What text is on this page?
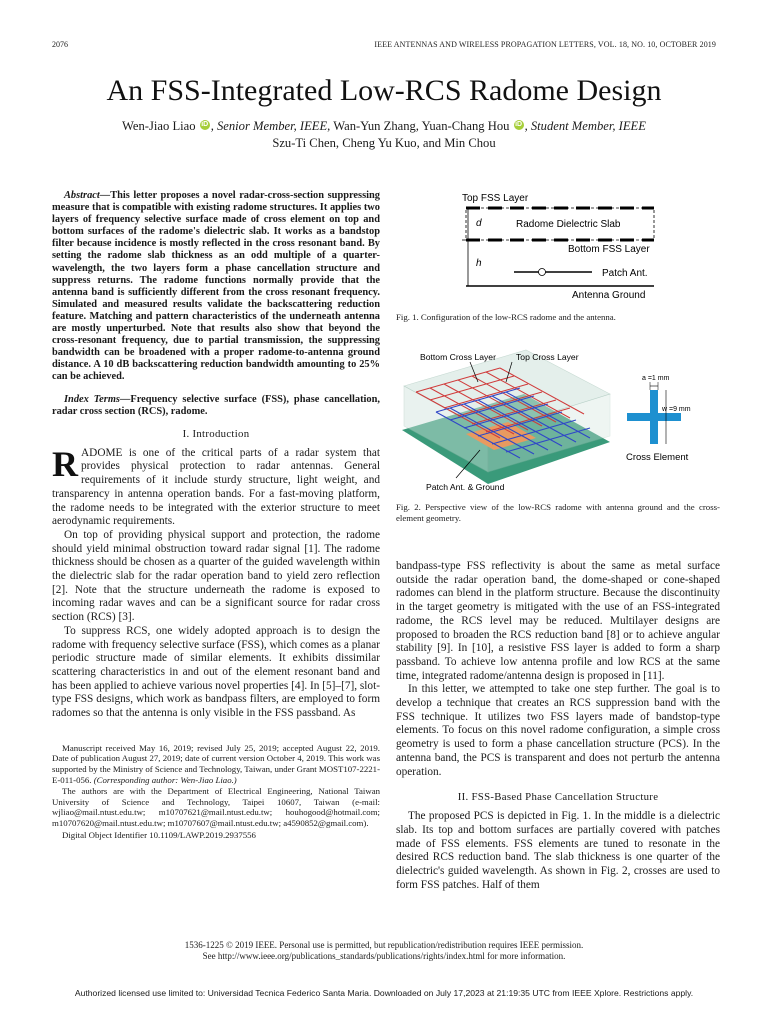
2076	IEEE ANTENNAS AND WIRELESS PROPAGATION LETTERS, VOL. 18, NO. 10, OCTOBER 2019
An FSS-Integrated Low-RCS Radome Design
Wen-Jiao Liao iD , Senior Member, IEEE, Wan-Yun Zhang, Yuan-Chang Hou iD , Student Member, IEEE
Szu-Ti Chen, Cheng Yu Kuo, and Min Chou

Abstract—This letter proposes a novel radar-cross-section suppressing measure that is compatible with existing radome structures. It applies two layers of frequency selective surface made of cross element on top and bottom surfaces of the radome's dielectric slab. It works as a bandstop filter because incidence is mostly reflected in the cross resonant band. By setting the radome slab thickness as an odd multiple of a quarter-wavelength, the two layers form a phase cancellation structure and suppress returns. The radome functions normally provide that the antenna band is sufficiently different from the cross resonant frequency. Simulated and measured results validate the backscattering reduction feature. Matching and pattern characteristics of the underneath antenna are mostly unperturbed. Note that results also show that beyond the cross-resonant frequency, due to partial transmission, the suppressing bandwidth can be broadened with a proper radome-to-antenna ground distance. A 10 dB backscattering reduction bandwidth amounting to 25% can be achieved.

Index Terms—Frequency selective surface (FSS), phase cancellation, radar cross section (RCS), radome.

I. Introduction

RADOME is one of the critical parts of a radar system that provides physical protection to radar antennas. General requirements of it include sturdy structure, light weight, and transparency in antenna operation bands. For a fast-moving platform, the radome needs to be integrated with the exterior structure to meet aerodynamic requirements.

On top of providing physical support and protection, the radome should yield minimal obstruction toward radar signal [1]. The radome thickness should be chosen as a quarter of the guided wavelength within the dielectric slab for the radar operation band to yield zero reflection [2]. Note that the structure underneath the radome is exposed to incoming radar waves and can be a significant source for radar cross section (RCS) [3].

To suppress RCS, one widely adopted approach is to design the radome with frequency selective surface (FSS), which comes as a planar periodic structure made of similar elements. It exhibits dissimilar scattering characteristics in and out of the element resonant band and has been applied to achieve various novel properties [4]. In [5]–[7], slot-type FSS designs, which work as bandpass filters, are employed to form radomes so that the antenna is only visible in the FSS passband. As

Manuscript received May 16, 2019; revised July 25, 2019; accepted August 22, 2019. Date of publication August 27, 2019; date of current version October 4, 2019. This work was supported by the Ministry of Science and Technology, Taiwan, under Grant MOST107-2221-E-011-056. (Corresponding author: Wen-Jiao Liao.)

The authors are with the Department of Electrical Engineering, National Taiwan University of Science and Technology, Taipei 10607, Taiwan (e-mail: wjliao@mail.ntust.edu.tw; m10707621@mail.ntust.edu.tw; houhogood@hotmail.com; m10707620@mail.ntust.edu.tw; m10707607@mail.ntust.edu.tw; a4590852@gmail.com).

Digital Object Identifier 10.1109/LAWP.2019.2937556

Top FSS Layer
d	Radome Dielectric Slab
Bottom FSS Layer
h
Patch Ant.
Antenna Ground
Fig. 1. Configuration of the low-RCS radome and the antenna.
Bottom Cross Layer Top Cross Layer
Patch Ant. & Ground
a =1 mm
w =9 mm
Cross Element
Fig. 2. Perspective view of the low-RCS radome with antenna ground and the cross-element geometry.

bandpass-type FSS reflectivity is about the same as metal surface outside the radar operation band, the dome-shaped or cone-shaped radomes can blend in the platform structure. Because the discontinuity in the target geometry is mitigated with the use of an FSS-integrated radome, the RCS level may be reduced. Multilayer designs are proposed to broaden the RCS reduction band [8] or to achieve angular stability [9]. In [10], a resistive FSS layer is added to form a sharp passband. To achieve low antenna profile and low RCS at the same time, integrated radome/antenna design is proposed in [11].

In this letter, we attempted to take one step further. The goal is to develop a technique that creates an RCS suppression band with the FSS technique. It utilizes two FSS layers made of bandstop-type elements. To focus on this novel radome configuration, a simple cross geometry is used to form a phase cancellation structure (PCS). In the antenna band, the PCS is transparent and does not perturb the antenna operation.

II. FSS-Based Phase Cancellation Structure

The proposed PCS is depicted in Fig. 1. In the middle is a dielectric slab. Its top and bottom surfaces are partially covered with patches made of FSS elements. FSS elements are tuned to resonate in the desired RCS reduction band. The slab thickness is one quarter of the dielectric's guided wavelength. As shown in Fig. 2, crosses are used to form FSS patches. Half of them

1536-1225 © 2019 IEEE. Personal use is permitted, but republication/redistribution requires IEEE permission.
See http://www.ieee.org/publications_standards/publications/rights/index.html for more information.
Authorized licensed use limited to: Universidad Tecnica Federico Santa Maria. Downloaded on July 17,2023 at 21:19:35 UTC from IEEE Xplore. Restrictions apply.
